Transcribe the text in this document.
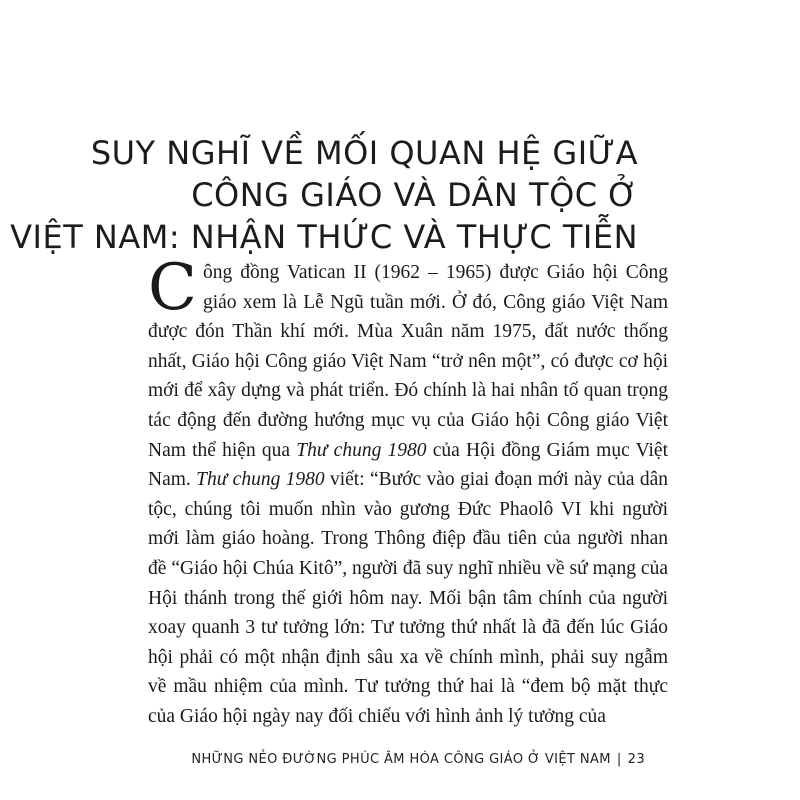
SUY NGHĨ VỀ MỐI QUAN HỆ GIỮA
CÔNG GIÁO VÀ DÂN TỘC Ở
VIỆT NAM: NHẬN THỨC VÀ THỰC TIỄN

Công đồng Vatican II (1962 – 1965) được Giáo hội Công giáo xem là Lễ Ngũ tuần mới. Ở đó, Công giáo Việt Nam được đón Thần khí mới. Mùa Xuân năm 1975, đất nước thống nhất, Giáo hội Công giáo Việt Nam “trở nên một”, có được cơ hội mới để xây dựng và phát triển. Đó chính là hai nhân tố quan trọng tác động đến đường hướng mục vụ của Giáo hội Công giáo Việt Nam thể hiện qua Thư chung 1980 của Hội đồng Giám mục Việt Nam. Thư chung 1980 viết: “Bước vào giai đoạn mới này của dân tộc, chúng tôi muốn nhìn vào gương Đức Phaolô VI khi người mới làm giáo hoàng. Trong Thông điệp đầu tiên của người nhan đề “Giáo hội Chúa Kitô”, người đã suy nghĩ nhiều về sứ mạng của Hội thánh trong thế giới hôm nay. Mối bận tâm chính của người xoay quanh 3 tư tưởng lớn: Tư tưởng thứ nhất là đã đến lúc Giáo hội phải có một nhận định sâu xa về chính mình, phải suy ngẫm về mầu nhiệm của mình. Tư tưởng thứ hai là “đem bộ mặt thực của Giáo hội ngày nay đối chiếu với hình ảnh lý tưởng của

NHỮNG NẺO ĐƯỜNG PHÚC ÂM HÓA CÔNG GIÁO Ở VIỆT NAM | 23
